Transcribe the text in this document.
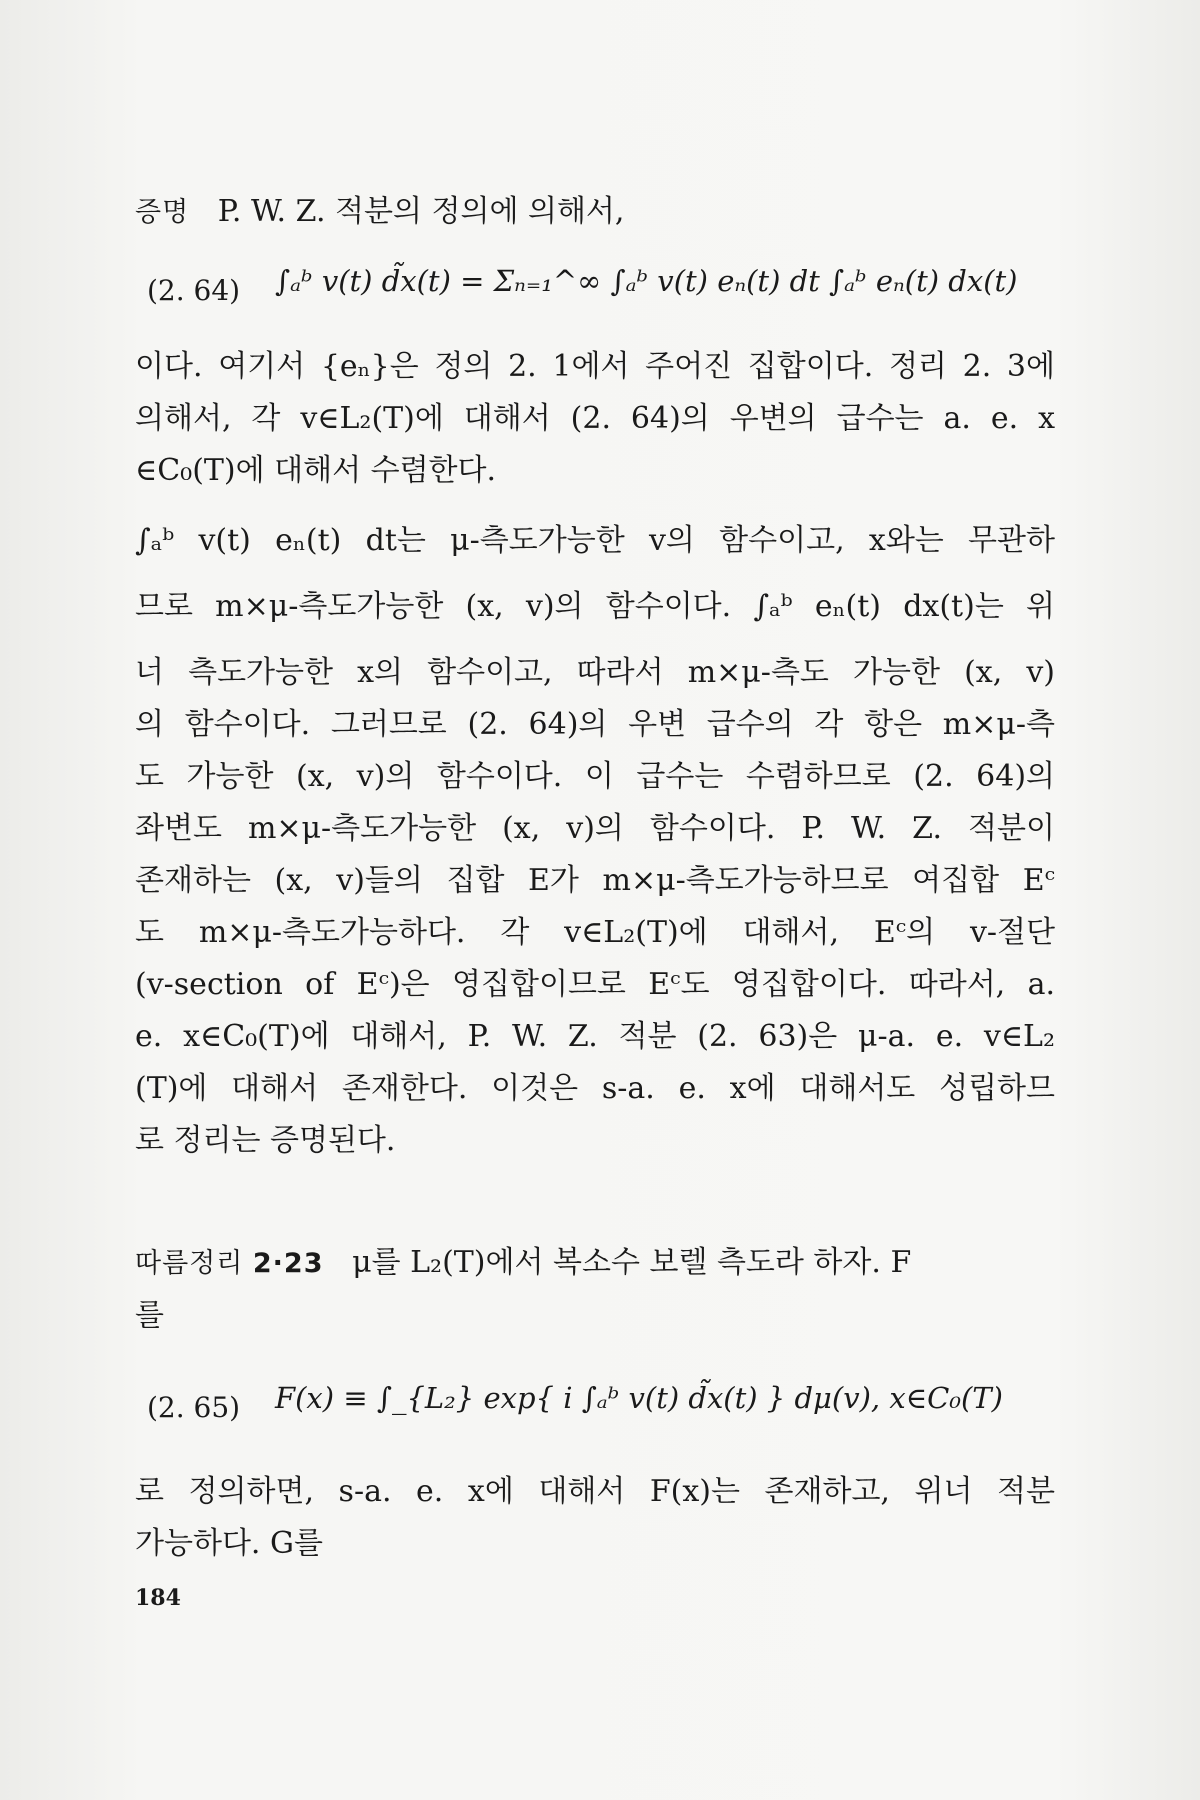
증명 P. W. Z. 적분의 정의에 의해서,
(2. 64) ∫ₐᵇ v(t) d̃x(t) = Σₙ₌₁^∞ ∫ₐᵇ v(t) eₙ(t) dt ∫ₐᵇ eₙ(t) dx(t)
이다. 여기서 {eₙ}은 정의 2. 1에서 주어진 집합이다. 정리 2. 3에
의해서, 각 v∈L₂(T)에 대해서 (2. 64)의 우변의 급수는 a. e. x
∈C₀(T)에 대해서 수렴한다.
∫ₐᵇ v(t) eₙ(t) dt는 μ-측도가능한 v의 함수이고, x와는 무관하
므로 m×μ-측도가능한 (x, v)의 함수이다. ∫ₐᵇ eₙ(t) dx(t)는 위
너 측도가능한 x의 함수이고, 따라서 m×μ-측도 가능한 (x, v)
의 함수이다. 그러므로 (2. 64)의 우변 급수의 각 항은 m×μ-측
도 가능한 (x, v)의 함수이다. 이 급수는 수렴하므로 (2. 64)의
좌변도 m×μ-측도가능한 (x, v)의 함수이다. P. W. Z. 적분이
존재하는 (x, v)들의 집합 E가 m×μ-측도가능하므로 여집합 Eᶜ
도 m×μ-측도가능하다. 각 v∈L₂(T)에 대해서, Eᶜ의 v-절단
(v-section of Eᶜ)은 영집합이므로 Eᶜ도 영집합이다. 따라서, a.
e. x∈C₀(T)에 대해서, P. W. Z. 적분 (2. 63)은 μ-a. e. v∈L₂
(T)에 대해서 존재한다. 이것은 s-a. e. x에 대해서도 성립하므
로 정리는 증명된다.
따름정리 2·23 μ를 L₂(T)에서 복소수 보렐 측도라 하자. F
를
(2. 65) F(x) ≡ ∫_{L₂} exp{ i ∫ₐᵇ v(t) d̃x(t) } dμ(v), x∈C₀(T)
로 정의하면, s-a. e. x에 대해서 F(x)는 존재하고, 위너 적분
가능하다. G를
184
